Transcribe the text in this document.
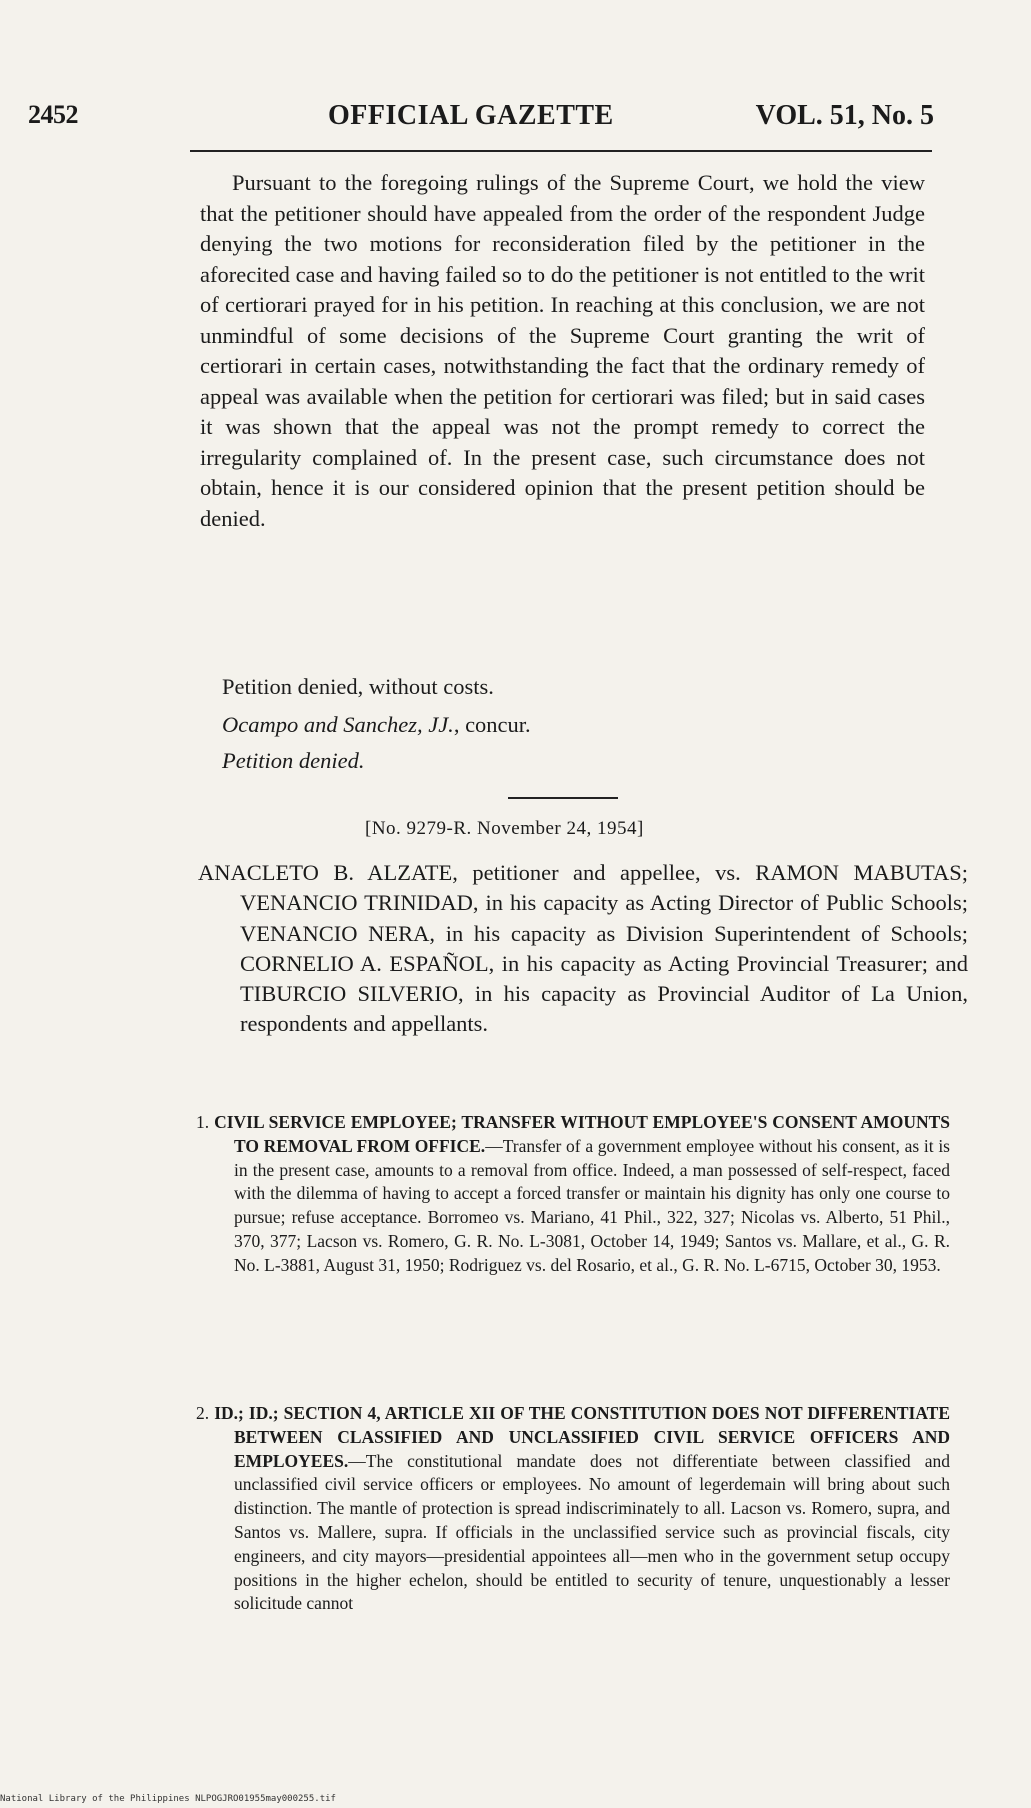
2452	OFFICIAL GAZETTE	VOL. 51, No. 5

Pursuant to the foregoing rulings of the Supreme Court, we hold the view that the petitioner should have appealed from the order of the respondent Judge denying the two motions for reconsideration filed by the petitioner in the aforecited case and having failed so to do the petitioner is not entitled to the writ of certiorari prayed for in his petition. In reaching at this conclusion, we are not unmindful of some decisions of the Supreme Court granting the writ of certiorari in certain cases, notwithstanding the fact that the ordinary remedy of appeal was available when the petition for certiorari was filed; but in said cases it was shown that the appeal was not the prompt remedy to correct the irregularity complained of. In the present case, such circumstance does not obtain, hence it is our considered opinion that the present petition should be denied.

Petition denied, without costs.

Ocampo and Sanchez, JJ., concur.

Petition denied.

[No. 9279-R. November 24, 1954]

ANACLETO B. ALZATE, petitioner and appellee, vs. RAMON MABUTAS; VENANCIO TRINIDAD, in his capacity as Acting Director of Public Schools; VENANCIO NERA, in his capacity as Division Superintendent of Schools; CORNELIO A. ESPAÑOL, in his capacity as Acting Provincial Treasurer; and TIBURCIO SILVERIO, in his capacity as Provincial Auditor of La Union, respondents and appellants.

1. CIVIL SERVICE EMPLOYEE; TRANSFER WITHOUT EMPLOYEE'S CONSENT AMOUNTS TO REMOVAL FROM OFFICE.—Transfer of a government employee without his consent, as it is in the present case, amounts to a removal from office. Indeed, a man possessed of self-respect, faced with the dilemma of having to accept a forced transfer or maintain his dignity has only one course to pursue; refuse acceptance. Borromeo vs. Mariano, 41 Phil., 322, 327; Nicolas vs. Alberto, 51 Phil., 370, 377; Lacson vs. Romero, G. R. No. L-3081, October 14, 1949; Santos vs. Mallare, et al., G. R. No. L-3881, August 31, 1950; Rodriguez vs. del Rosario, et al., G. R. No. L-6715, October 30, 1953.

2. ID.; ID.; SECTION 4, ARTICLE XII OF THE CONSTITUTION DOES NOT DIFFERENTIATE BETWEEN CLASSIFIED AND UNCLASSIFIED CIVIL SERVICE OFFICERS AND EMPLOYEES.—The constitutional mandate does not differentiate between classified and unclassified civil service officers or employees. No amount of legerdemain will bring about such distinction. The mantle of protection is spread indiscriminately to all. Lacson vs. Romero, supra, and Santos vs. Mallere, supra. If officials in the unclassified service such as provincial fiscals, city engineers, and city mayors—presidential appointees all—men who in the government setup occupy positions in the higher echelon, should be entitled to security of tenure, unquestionably a lesser solicitude cannot

National Library of the Philippines NLPOGJRO01955may000255.tif
